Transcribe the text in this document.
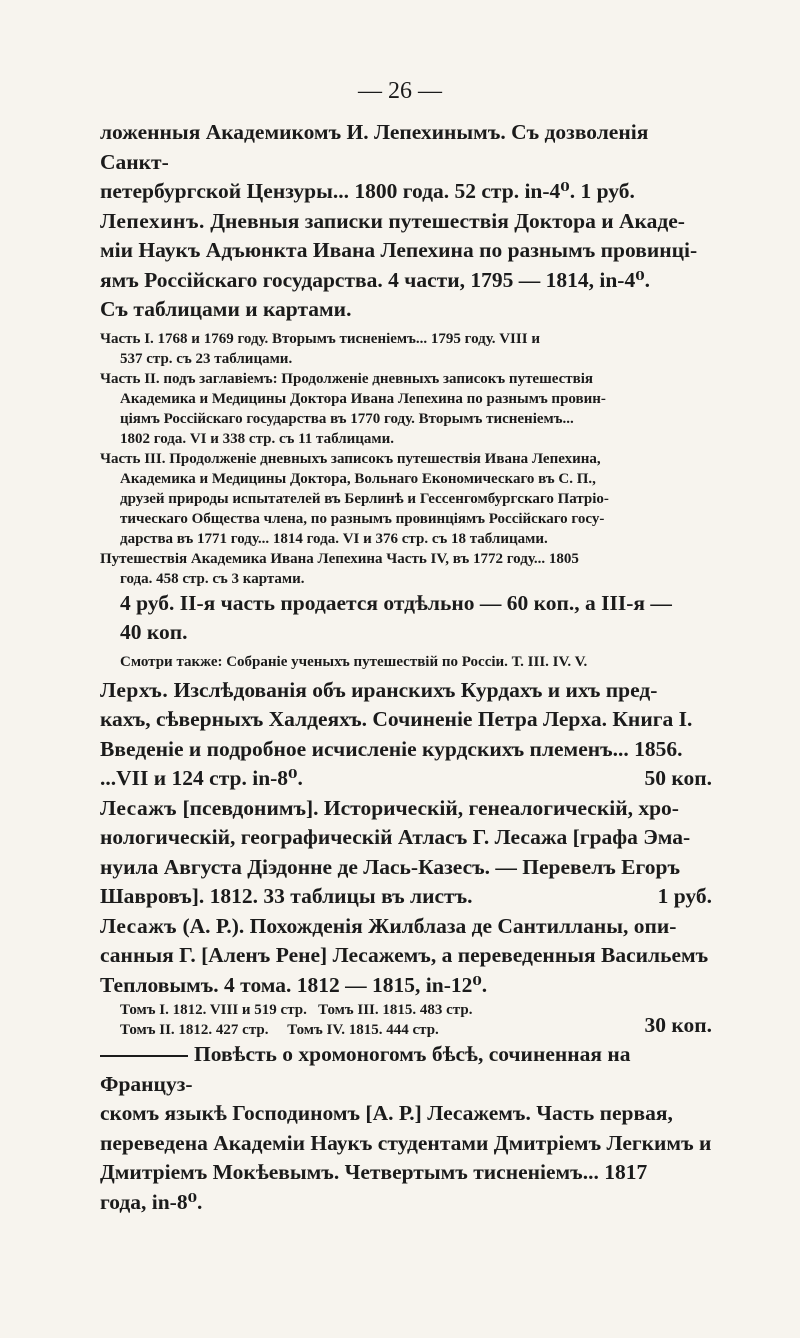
— 26 —
ложенныя Академикомъ И. Лепехинымъ. Съ дозволенія Санкт-
петербургской Цензуры... 1800 года. 52 стр. in-4⁰. 1 руб.
Лепехинъ. Дневныя записки путешествія Доктора и Акаде-
міи Наукъ Адъюнкта Ивана Лепехина по разнымъ провинці-
ямъ Россійскаго государства. 4 части, 1795 — 1814, in-4⁰.
Съ таблицами и картами.
Часть I. 1768 и 1769 году. Вторымъ тисненіемъ... 1795 году. VIII и
537 стр. съ 23 таблицами.
Часть II. подъ заглавіемъ: Продолженіе дневныхъ записокъ путешествія
Академика и Медицины Доктора Ивана Лепехина по разнымъ провин-
ціямъ Россійскаго государства въ 1770 году. Вторымъ тисненіемъ...
1802 года. VI и 338 стр. съ 11 таблицами.
Часть III. Продолженіе дневныхъ записокъ путешествія Ивана Лепехина,
Академика и Медицины Доктора, Вольнаго Економическаго въ С. П.,
друзей природы испытателей въ Берлинѣ и Гессенгомбургскаго Патріо-
тическаго Общества члена, по разнымъ провинціямъ Россійскаго госу-
дарства въ 1771 году... 1814 года. VI и 376 стр. съ 18 таблицами.
Путешествія Академика Ивана Лепехина Часть IV, въ 1772 году... 1805
года. 458 стр. съ 3 картами.
4 руб. II-я часть продается отдѣльно — 60 коп., а III-я —
40 коп.
Смотри также: Собраніе ученыхъ путешествій по Россіи. Т. III. IV. V.
Лерхъ. Изслѣдованія объ иранскихъ Курдахъ и ихъ пред-
кахъ, сѣверныхъ Халдеяхъ. Сочиненіе Петра Лерха. Книга I.
Введеніе и подробное исчисленіе курдскихъ племенъ... 1856.
...VII и 124 стр. in-8⁰.	50 коп.
Лесажъ [псевдонимъ]. Историческій, генеалогическій, хро-
нологическій, географическій Атласъ Г. Лесажа [графа Эма-
нуила Августа Діэдонне де Лась-Казесъ. — Перевелъ Егоръ
Шавровъ]. 1812. 33 таблицы въ листъ.	1 руб.
Лесажъ (А. Р.). Похожденія Жилблаза де Сантилланы, опи-
санныя Г. [Аленъ Рене] Лесажемъ, а переведенныя Васильемъ
Тепловымъ. 4 тома. 1812 — 1815, in-12⁰.
Томъ I. 1812. VIII и 519 стр. Томъ III. 1815. 483 стр.
Томъ II. 1812. 427 стр. Томъ IV. 1815. 444 стр.	30 коп.
Повѣсть о хромоногомъ бѣсѣ, сочиненная на Француз-
скомъ языкѣ Господиномъ [А. Р.] Лесажемъ. Часть первая,
переведена Академіи Наукъ студентами Дмитріемъ Легкимъ и
Дмитріемъ Мокѣевымъ. Четвертымъ тисненіемъ... 1817
года, in-8⁰.
